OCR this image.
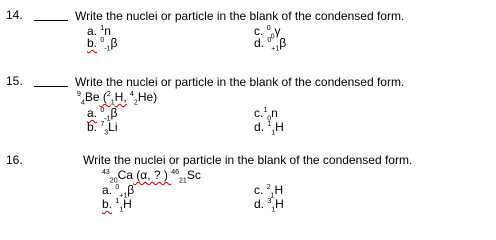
14.	Write the nuclei or particle in the blank of the condensed form.
a. $^1$n
b. $^0_{-1}$β
c. $^0_0$γ
d. $^0_{+1}$β
15.	Write the nuclei or particle in the blank of the condensed form.
$^9_4$Be ($^2_1$H, $^4_2$He)
a. $^0_{-1}$β
b. $^7_3$Li
c.$^1_0$n
d. $^1_1$H
16.	Write the nuclei or particle in the blank of the condensed form.
$^{43}_{20}$Ca (α, ? ) $^{46}_{21}$Sc
a. $^0_{+1}$β
b. $^1_1$H
c. $^2_1$H
d. $^3_1$H
